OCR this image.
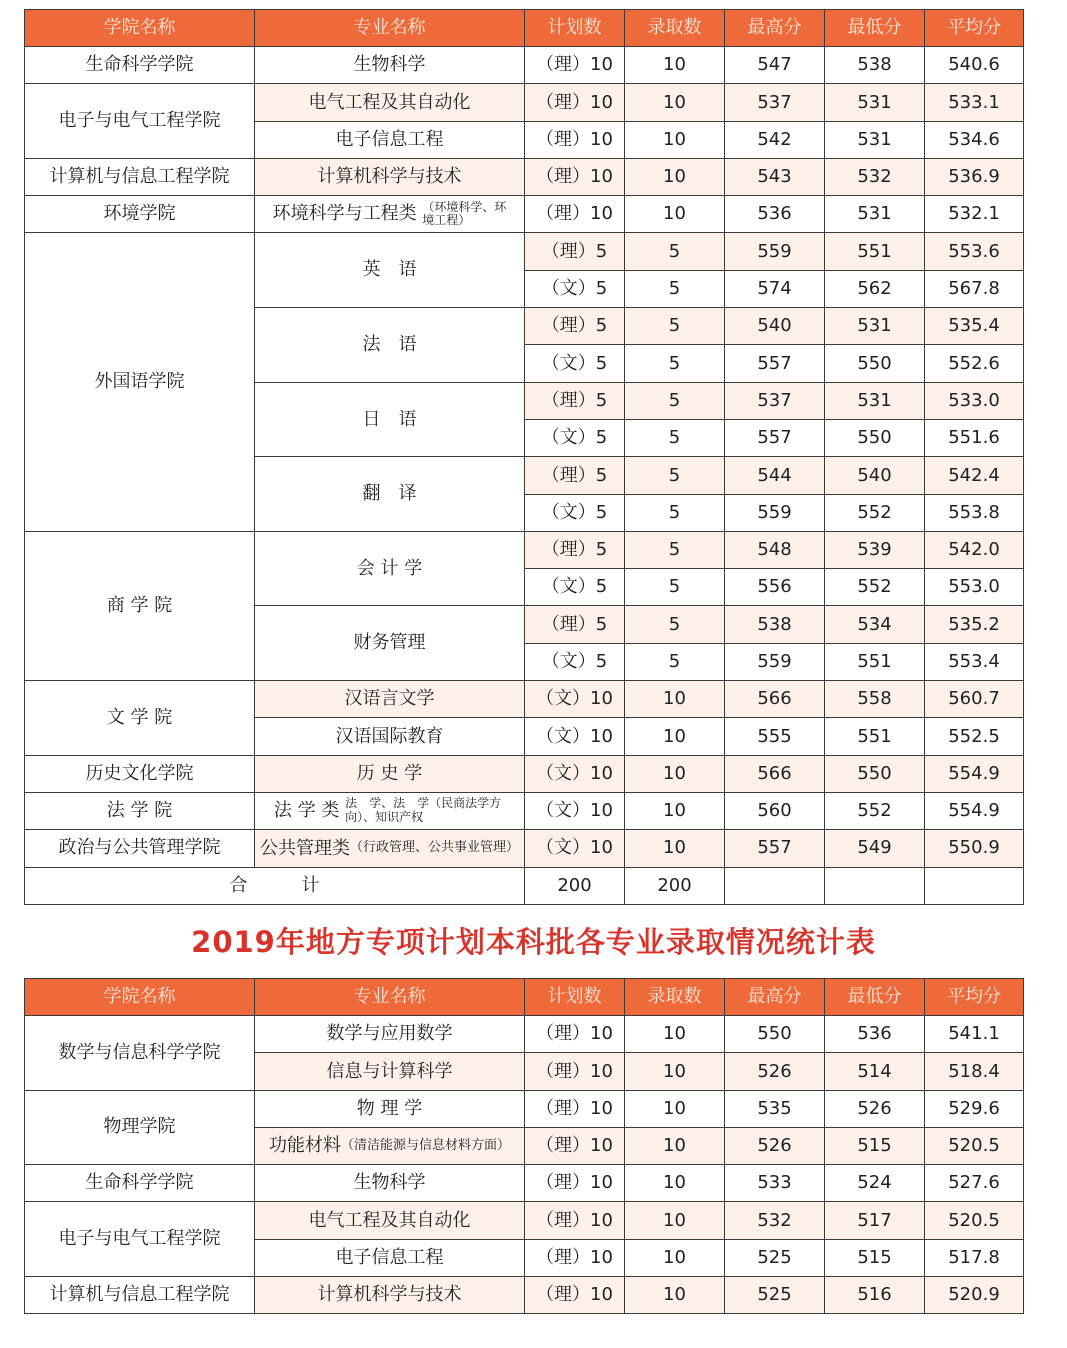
学院名称	专业名称	计划数	录取数	最高分	最低分	平均分
生命科学学院	生物科学	（理）10	10	547	538	540.6
电子与电气工程学院	电气工程及其自动化	（理）10	10	537	531	533.1
	电子信息工程	（理）10	10	542	531	534.6
计算机与信息工程学院	计算机科学与技术	（理）10	10	543	532	536.9
环境学院	环境科学与工程类 （环境科学、环境工程）	（理）10	10	536	531	532.1
外国语学院	英　语	（理）5	5	559	551	553.6
		（文）5	5	574	562	567.8
	法　语	（理）5	5	540	531	535.4
		（文）5	5	557	550	552.6
	日　语	（理）5	5	537	531	533.0
		（文）5	5	557	550	551.6
	翻　译	（理）5	5	544	540	542.4
		（文）5	5	559	552	553.8
商 学 院	会 计 学	（理）5	5	548	539	542.0
		（文）5	5	556	552	553.0
	财务管理	（理）5	5	538	534	535.2
		（文）5	5	559	551	553.4
文 学 院	汉语言文学	（文）10	10	566	558	560.7
	汉语国际教育	（文）10	10	555	551	552.5
历史文化学院	历 史 学	（文）10	10	566	550	554.9
法 学 院	法 学 类 法　学、法　学（民商法学方向）、知识产权	（文）10	10	560	552	554.9
政治与公共管理学院	公共管理类（行政管理、公共事业管理）	（文）10	10	557	549	550.9
合　　　计		200	200			
2019年地方专项计划本科批各专业录取情况统计表
学院名称	专业名称	计划数	录取数	最高分	最低分	平均分
数学与信息科学学院	数学与应用数学	（理）10	10	550	536	541.1
	信息与计算科学	（理）10	10	526	514	518.4
物理学院	物 理 学	（理）10	10	535	526	529.6
	功能材料（清洁能源与信息材料方面）	（理）10	10	526	515	520.5
生命科学学院	生物科学	（理）10	10	533	524	527.6
电子与电气工程学院	电气工程及其自动化	（理）10	10	532	517	520.5
	电子信息工程	（理）10	10	525	515	517.8
计算机与信息工程学院	计算机科学与技术	（理）10	10	525	516	520.9
